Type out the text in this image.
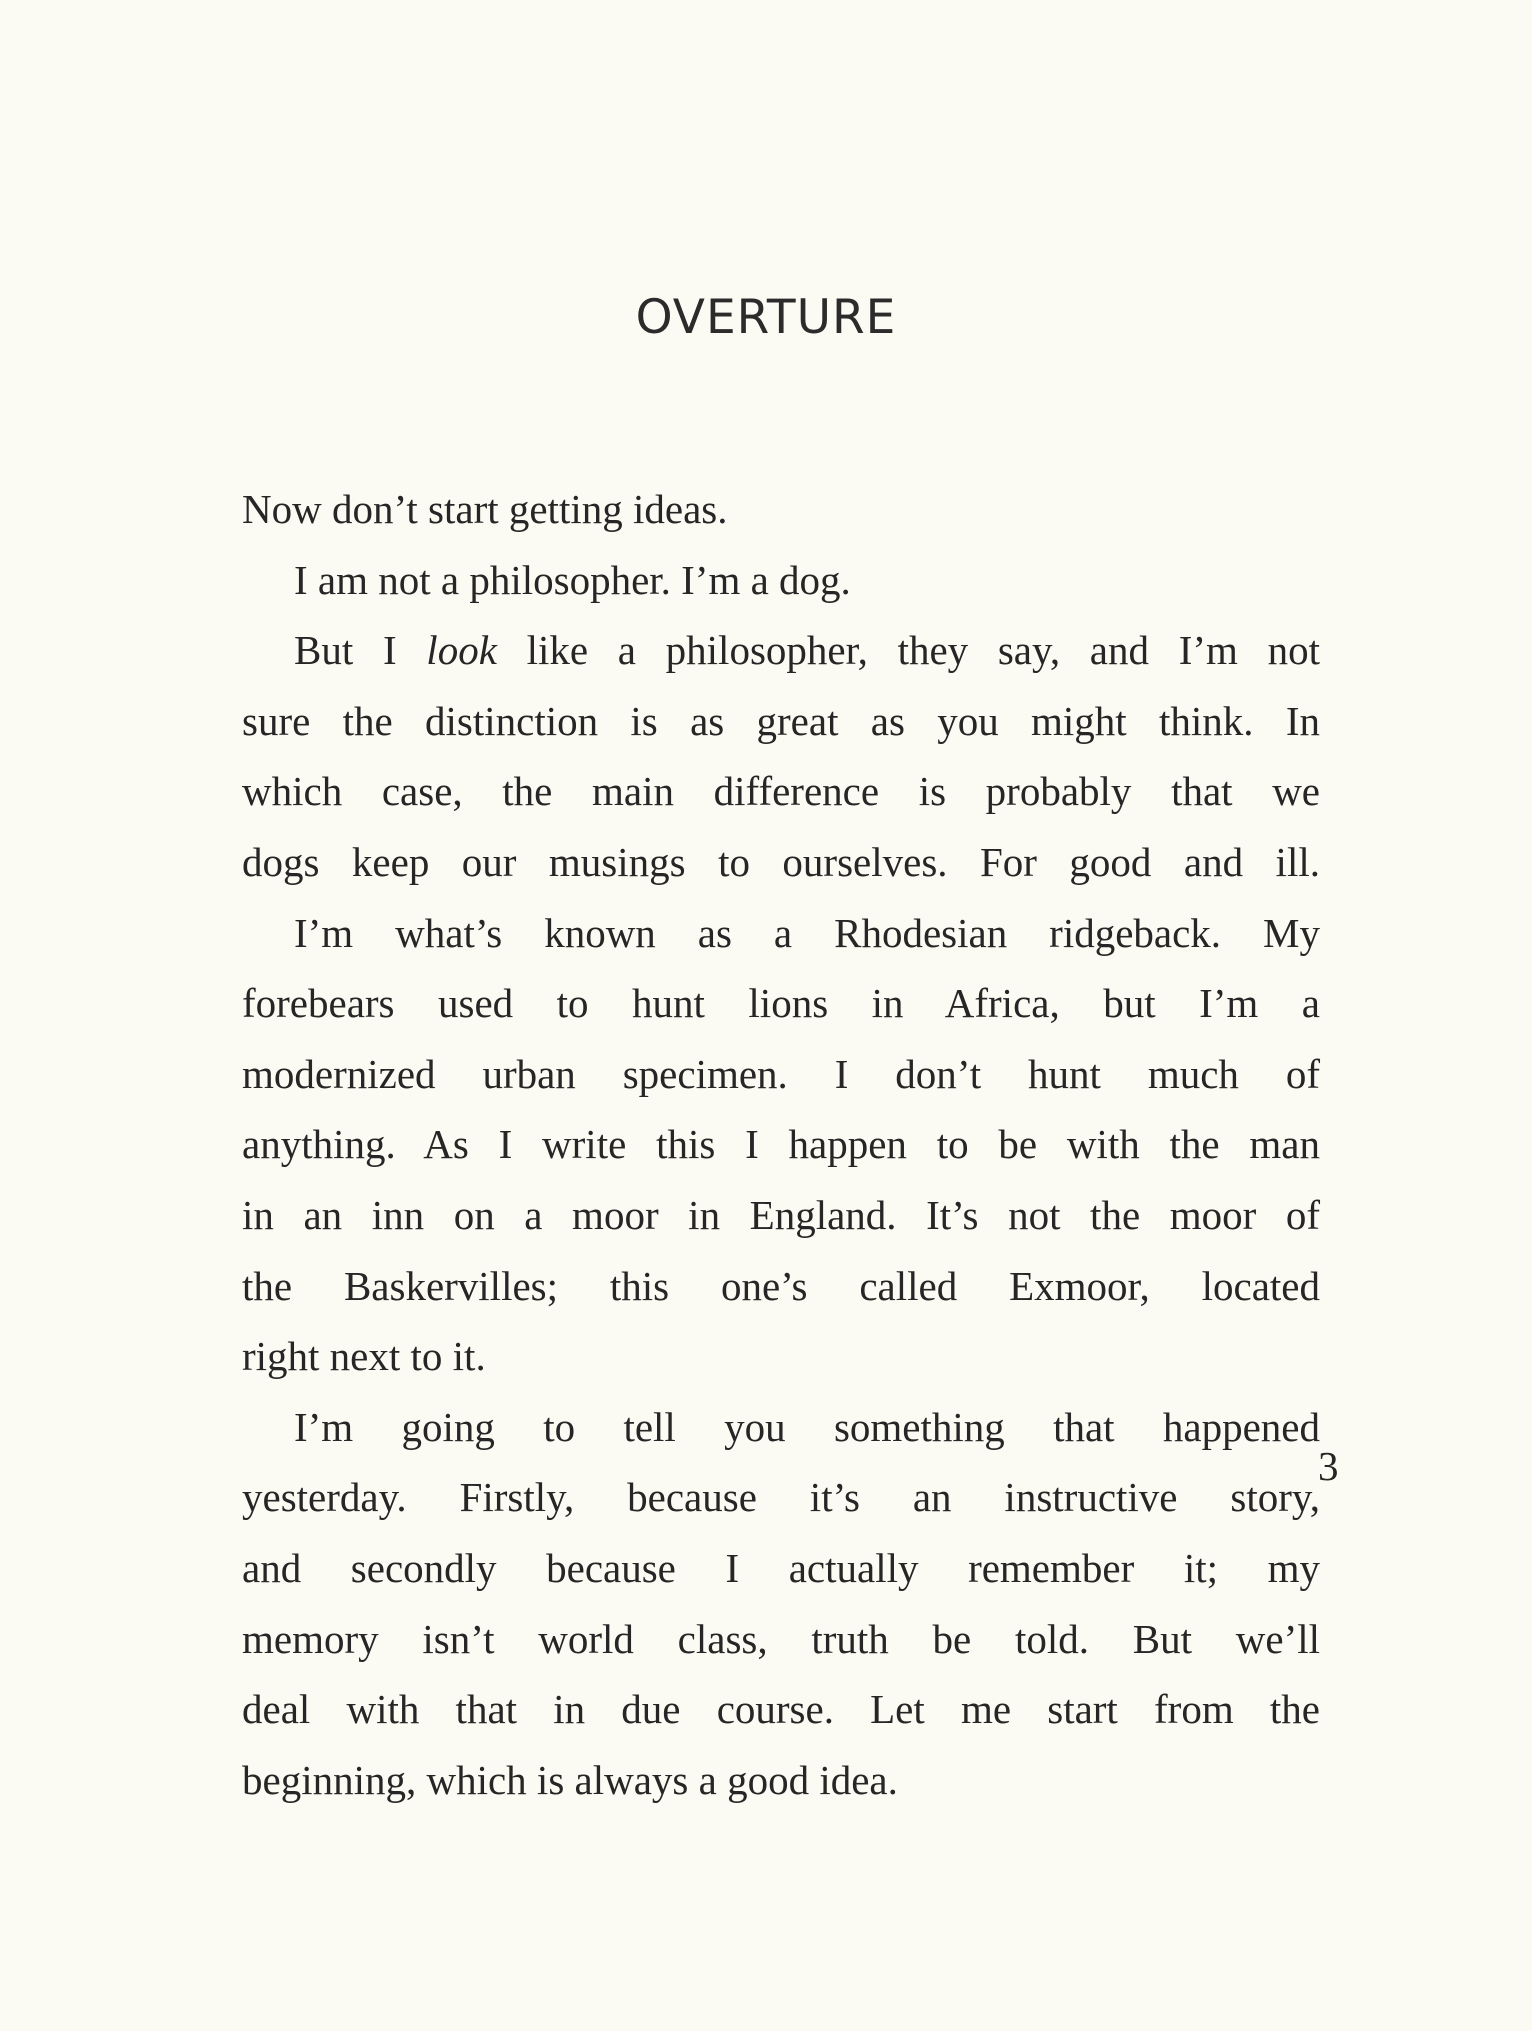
OVERTURE
Now don’t start getting ideas.
I am not a philosopher. I’m a dog.
But I look like a philosopher, they say, and I’m not
sure the distinction is as great as you might think. In
which case, the main difference is probably that we
dogs keep our musings to ourselves. For good and ill.
I’m what’s known as a Rhodesian ridgeback. My
forebears used to hunt lions in Africa, but I’m a
modernized urban specimen. I don’t hunt much of
anything. As I write this I happen to be with the man
in an inn on a moor in England. It’s not the moor of
the Baskervilles; this one’s called Exmoor, located
right next to it.
I’m going to tell you something that happened
yesterday. Firstly, because it’s an instructive story,
and secondly because I actually remember it; my
memory isn’t world class, truth be told. But we’ll
deal with that in due course. Let me start from the
beginning, which is always a good idea.
3
